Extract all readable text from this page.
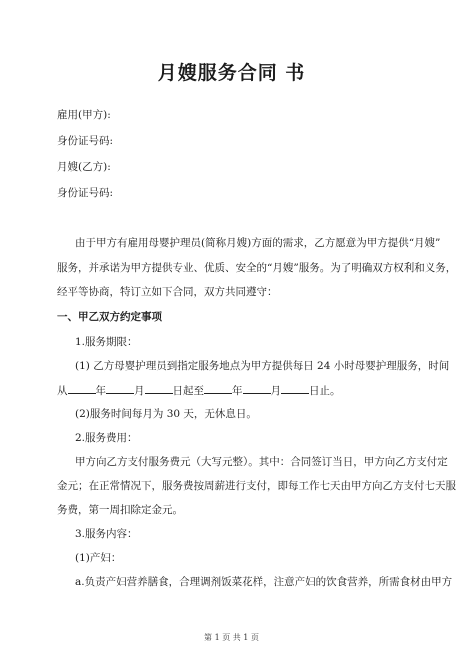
月嫂服务合同 书
雇用(甲方):
身份证号码:
月嫂(乙方):
身份证号码:
由于甲方有雇用母婴护理员(简称月嫂)方面的需求，乙方愿意为甲方提供“月嫂”
服务，并承诺为甲方提供专业、优质、安全的“月嫂”服务。为了明确双方权利和义务，
经平等协商，特订立如下合同，双方共同遵守：
一、甲乙双方约定事项
1.服务期限：
(1) 乙方母婴护理员到指定服务地点为甲方提供每日 24 小时母婴护理服务，时间
从	年	月	日起至	年	月	日止。
(2)服务时间每月为 30 天，无休息日。
2.服务费用：
甲方向乙方支付服务费元（大写元整）。其中：合同签订当日，甲方向乙方支付定
金元；在正常情况下，服务费按周薪进行支付，即每工作七天由甲方向乙方支付七天服
务费，第一周扣除定金元。
3.服务内容：
(1)产妇：
a.负责产妇营养膳食，合理调剂饭菜花样，注意产妇的饮食营养，所需食材由甲方
第 1 页 共 1 页
